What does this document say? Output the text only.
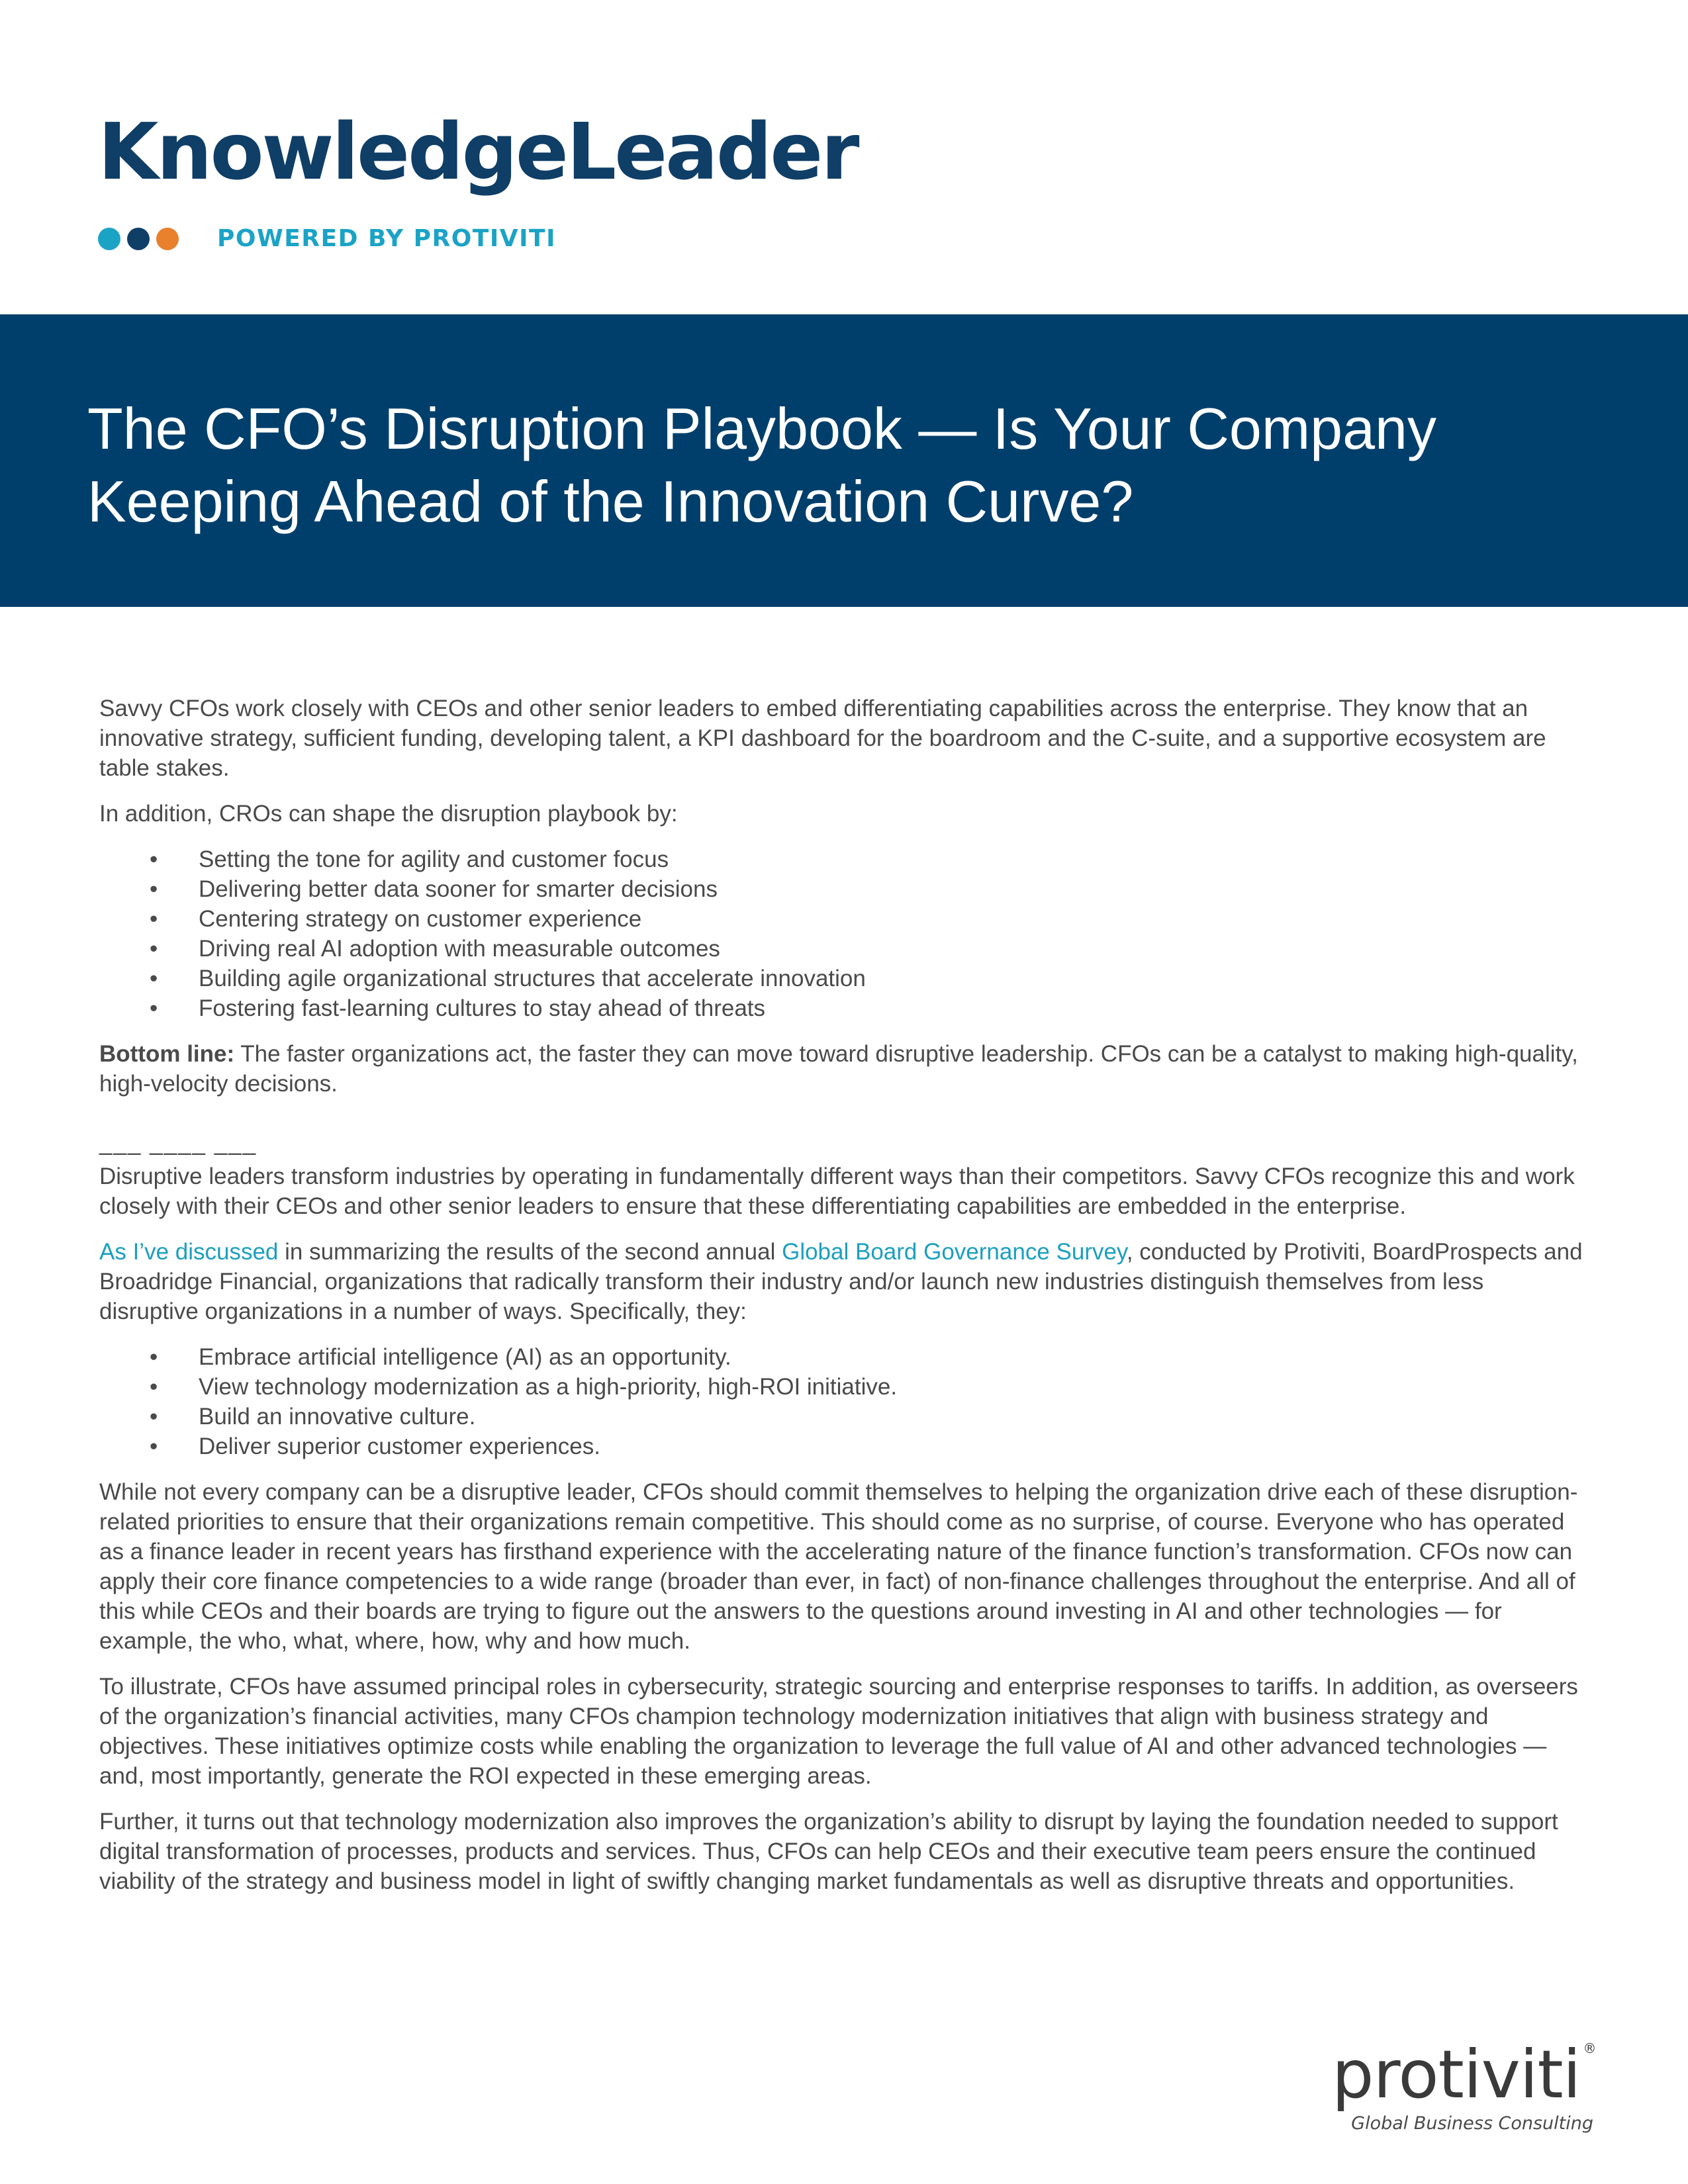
KnowledgeLeader
POWERED BY PROTIVITI
The CFO’s Disruption Playbook — Is Your Company
Keeping Ahead of the Innovation Curve?

Savvy CFOs work closely with CEOs and other senior leaders to embed differentiating capabilities across the enterprise. They know that an innovative strategy, sufficient funding, developing talent, a KPI dashboard for the boardroom and the C-suite, and a supportive ecosystem are table stakes.

In addition, CROs can shape the disruption playbook by:

• Setting the tone for agility and customer focus
• Delivering better data sooner for smarter decisions
• Centering strategy on customer experience
• Driving real AI adoption with measurable outcomes
• Building agile organizational structures that accelerate innovation
• Fostering fast-learning cultures to stay ahead of threats

Bottom line: The faster organizations act, the faster they can move toward disruptive leadership. CFOs can be a catalyst to making high-quality, high-velocity decisions.

___ ____ ___

Disruptive leaders transform industries by operating in fundamentally different ways than their competitors. Savvy CFOs recognize this and work closely with their CEOs and other senior leaders to ensure that these differentiating capabilities are embedded in the enterprise.

As I’ve discussed in summarizing the results of the second annual Global Board Governance Survey, conducted by Protiviti, BoardProspects and Broadridge Financial, organizations that radically transform their industry and/or launch new industries distinguish themselves from less disruptive organizations in a number of ways. Specifically, they:

• Embrace artificial intelligence (AI) as an opportunity.
• View technology modernization as a high-priority, high-ROI initiative.
• Build an innovative culture.
• Deliver superior customer experiences.

While not every company can be a disruptive leader, CFOs should commit themselves to helping the organization drive each of these disruption-related priorities to ensure that their organizations remain competitive. This should come as no surprise, of course. Everyone who has operated as a finance leader in recent years has firsthand experience with the accelerating nature of the finance function’s transformation. CFOs now can apply their core finance competencies to a wide range (broader than ever, in fact) of non-finance challenges throughout the enterprise. And all of this while CEOs and their boards are trying to figure out the answers to the questions around investing in AI and other technologies — for example, the who, what, where, how, why and how much.

To illustrate, CFOs have assumed principal roles in cybersecurity, strategic sourcing and enterprise responses to tariffs. In addition, as overseers of the organization’s financial activities, many CFOs champion technology modernization initiatives that align with business strategy and objectives. These initiatives optimize costs while enabling the organization to leverage the full value of AI and other advanced technologies — and, most importantly, generate the ROI expected in these emerging areas.

Further, it turns out that technology modernization also improves the organization’s ability to disrupt by laying the foundation needed to support digital transformation of processes, products and services. Thus, CFOs can help CEOs and their executive team peers ensure the continued viability of the strategy and business model in light of swiftly changing market fundamentals as well as disruptive threats and opportunities.

protiviti ®
Global Business Consulting
